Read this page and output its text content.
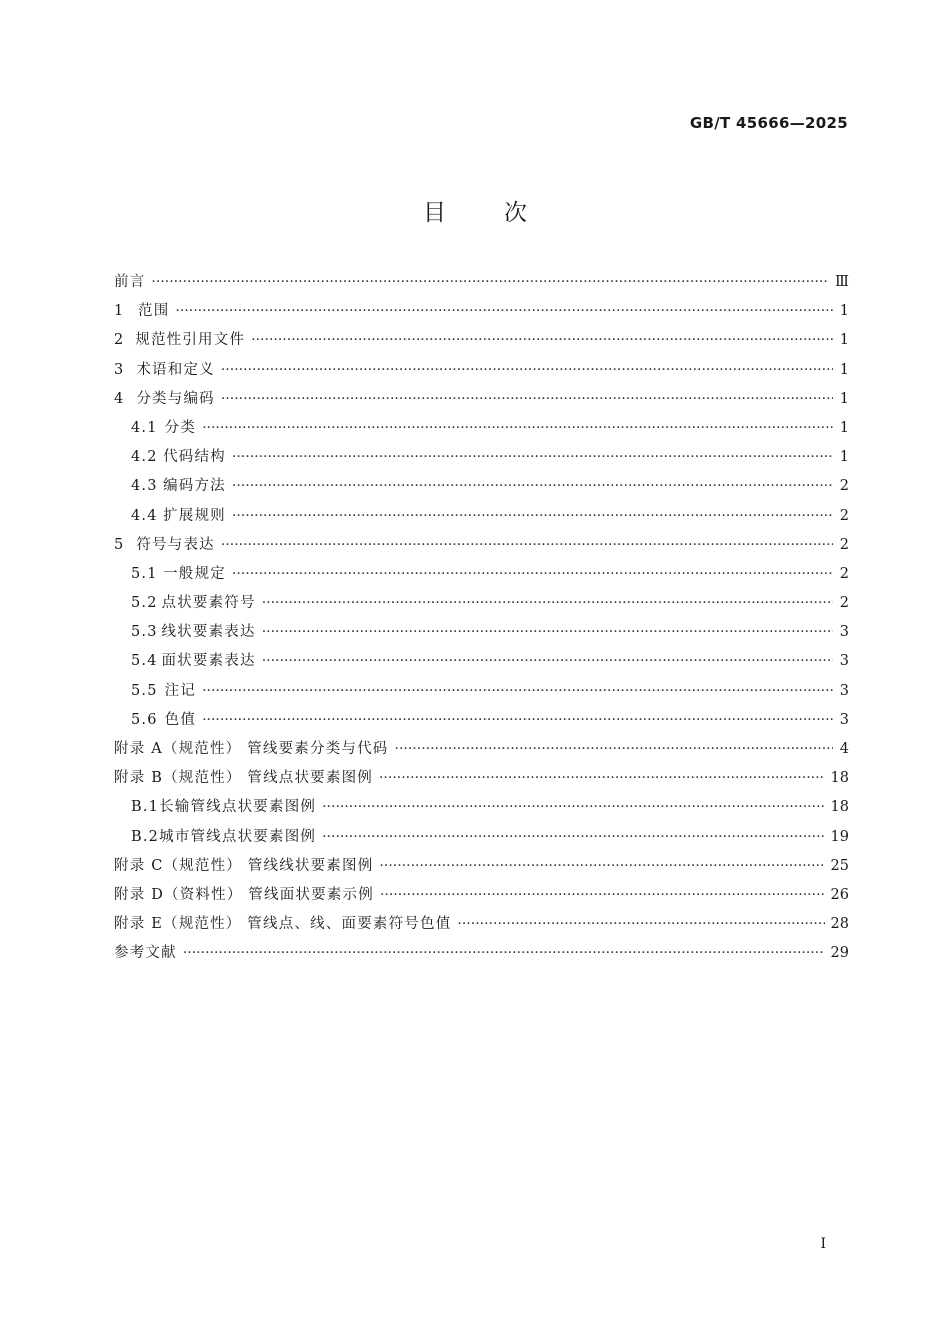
GB/T 45666—2025
目次
前言 ·····	Ⅲ
1 范围 ·····	1
2 规范性引用文件 ·····	1
3 术语和定义 ·····	1
4 分类与编码 ·····	1
4.1 分类 ·····	1
4.2 代码结构 ·····	1
4.3 编码方法 ·····	2
4.4 扩展规则 ·····	2
5 符号与表达 ·····	2
5.1 一般规定 ·····	2
5.2 点状要素符号 ·····	2
5.3 线状要素表达 ·····	3
5.4 面状要素表达 ·····	3
5.5 注记 ·····	3
5.6 色值 ·····	3
附录 A（规范性） 管线要素分类与代码 ·····	4
附录 B（规范性） 管线点状要素图例 ·····	18
B.1 长输管线点状要素图例 ·····	18
B.2 城市管线点状要素图例 ·····	19
附录 C（规范性） 管线线状要素图例 ·····	25
附录 D（资料性） 管线面状要素示例 ·····	26
附录 E（规范性） 管线点、线、面要素符号色值 ·····	28
参考文献 ·····	29
I
